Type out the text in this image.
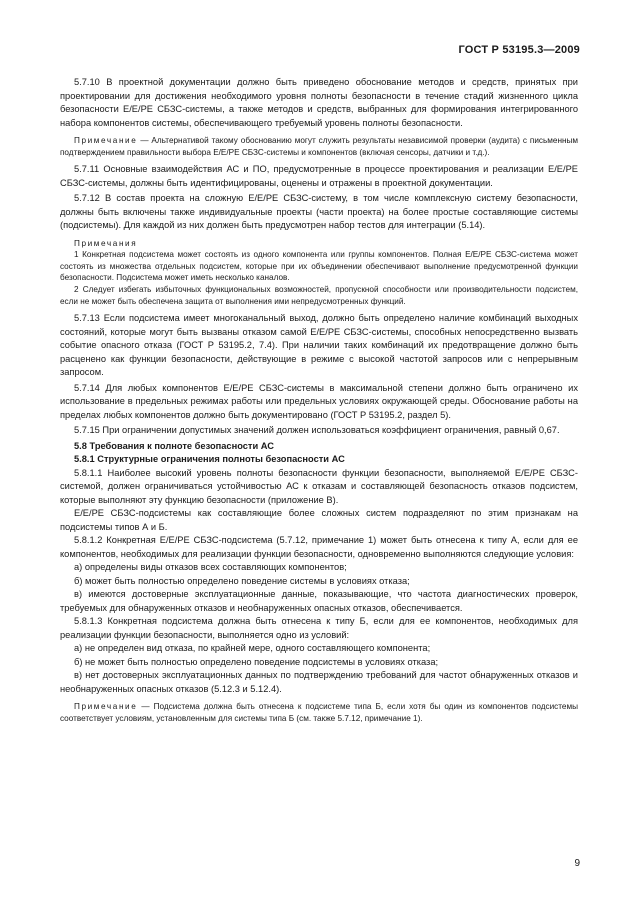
ГОСТ Р 53195.3—2009

5.7.10 В проектной документации должно быть приведено обоснование методов и средств, принятых при проектировании для достижения необходимого уровня полноты безопасности в течение стадий жизненного цикла безопасности Е/Е/РЕ СБЗС-системы, а также методов и средств, выбранных для формирования интегрированного набора компонентов системы, обеспечивающего требуемый уровень полноты безопасности.

Примечание — Альтернативой такому обоснованию могут служить результаты независимой проверки (аудита) с письменным подтверждением правильности выбора Е/Е/РЕ СБЗС-системы и компонентов (включая сенсоры, датчики и т.д.).

5.7.11 Основные взаимодействия АС и ПО, предусмотренные в процессе проектирования и реализации Е/Е/РЕ СБЗС-системы, должны быть идентифицированы, оценены и отражены в проектной документации.

5.7.12 В состав проекта на сложную Е/Е/РЕ СБЗС-систему, в том числе комплексную систему безопасности, должны быть включены также индивидуальные проекты (части проекта) на более простые составляющие системы (подсистемы). Для каждой из них должен быть предусмотрен набор тестов для интеграции (5.14).

Примечания

1 Конкретная подсистема может состоять из одного компонента или группы компонентов. Полная Е/Е/РЕ СБЗС-система может состоять из множества отдельных подсистем, которые при их объединении обеспечивают выполнение предусмотренной функции безопасности. Подсистема может иметь несколько каналов.

2 Следует избегать избыточных функциональных возможностей, пропускной способности или производительности подсистем, если не может быть обеспечена защита от выполнения ими непредусмотренных функций.

5.7.13 Если подсистема имеет многоканальный выход, должно быть определено наличие комбинаций выходных состояний, которые могут быть вызваны отказом самой Е/Е/РЕ СБЗС-системы, способных непосредственно вызвать событие опасного отказа (ГОСТ Р 53195.2, 7.4). При наличии таких комбинаций их предотвращение должно быть расценено как функции безопасности, действующие в режиме с высокой частотой запросов или с непрерывным запросом.

5.7.14 Для любых компонентов Е/Е/РЕ СБЗС-системы в максимальной степени должно быть ограничено их использование в предельных режимах работы или предельных условиях окружающей среды. Обоснование работы на пределах любых компонентов должно быть документировано (ГОСТ Р 53195.2, раздел 5).

5.7.15 При ограничении допустимых значений должен использоваться коэффициент ограничения, равный 0,67.

5.8 Требования к полноте безопасности АС

5.8.1 Структурные ограничения полноты безопасности АС

5.8.1.1 Наиболее высокий уровень полноты безопасности функции безопасности, выполняемой Е/Е/РЕ СБЗС-системой, должен ограничиваться устойчивостью АС к отказам и составляющей безопасность отказов подсистем, которые выполняют эту функцию безопасности (приложение В).

Е/Е/РЕ СБЗС-подсистемы как составляющие более сложных систем подразделяют по этим признакам на подсистемы типов А и Б.

5.8.1.2 Конкретная Е/Е/РЕ СБЗС-подсистема (5.7.12, примечание 1) может быть отнесена к типу А, если для ее компонентов, необходимых для реализации функции безопасности, одновременно выполняются следующие условия:

а) определены виды отказов всех составляющих компонентов;

б) может быть полностью определено поведение системы в условиях отказа;

в) имеются достоверные эксплуатационные данные, показывающие, что частота диагностических проверок, требуемых для обнаруженных отказов и необнаруженных опасных отказов, обеспечивается.

5.8.1.3 Конкретная подсистема должна быть отнесена к типу Б, если для ее компонентов, необходимых для реализации функции безопасности, выполняется одно из условий:

а) не определен вид отказа, по крайней мере, одного составляющего компонента;

б) не может быть полностью определено поведение подсистемы в условиях отказа;

в) нет достоверных эксплуатационных данных по подтверждению требований для частот обнаруженных отказов и необнаруженных опасных отказов (5.12.3 и 5.12.4).

Примечание — Подсистема должна быть отнесена к подсистеме типа Б, если хотя бы один из компонентов подсистемы соответствует условиям, установленным для системы типа Б (см. также 5.7.12, примечание 1).

9
